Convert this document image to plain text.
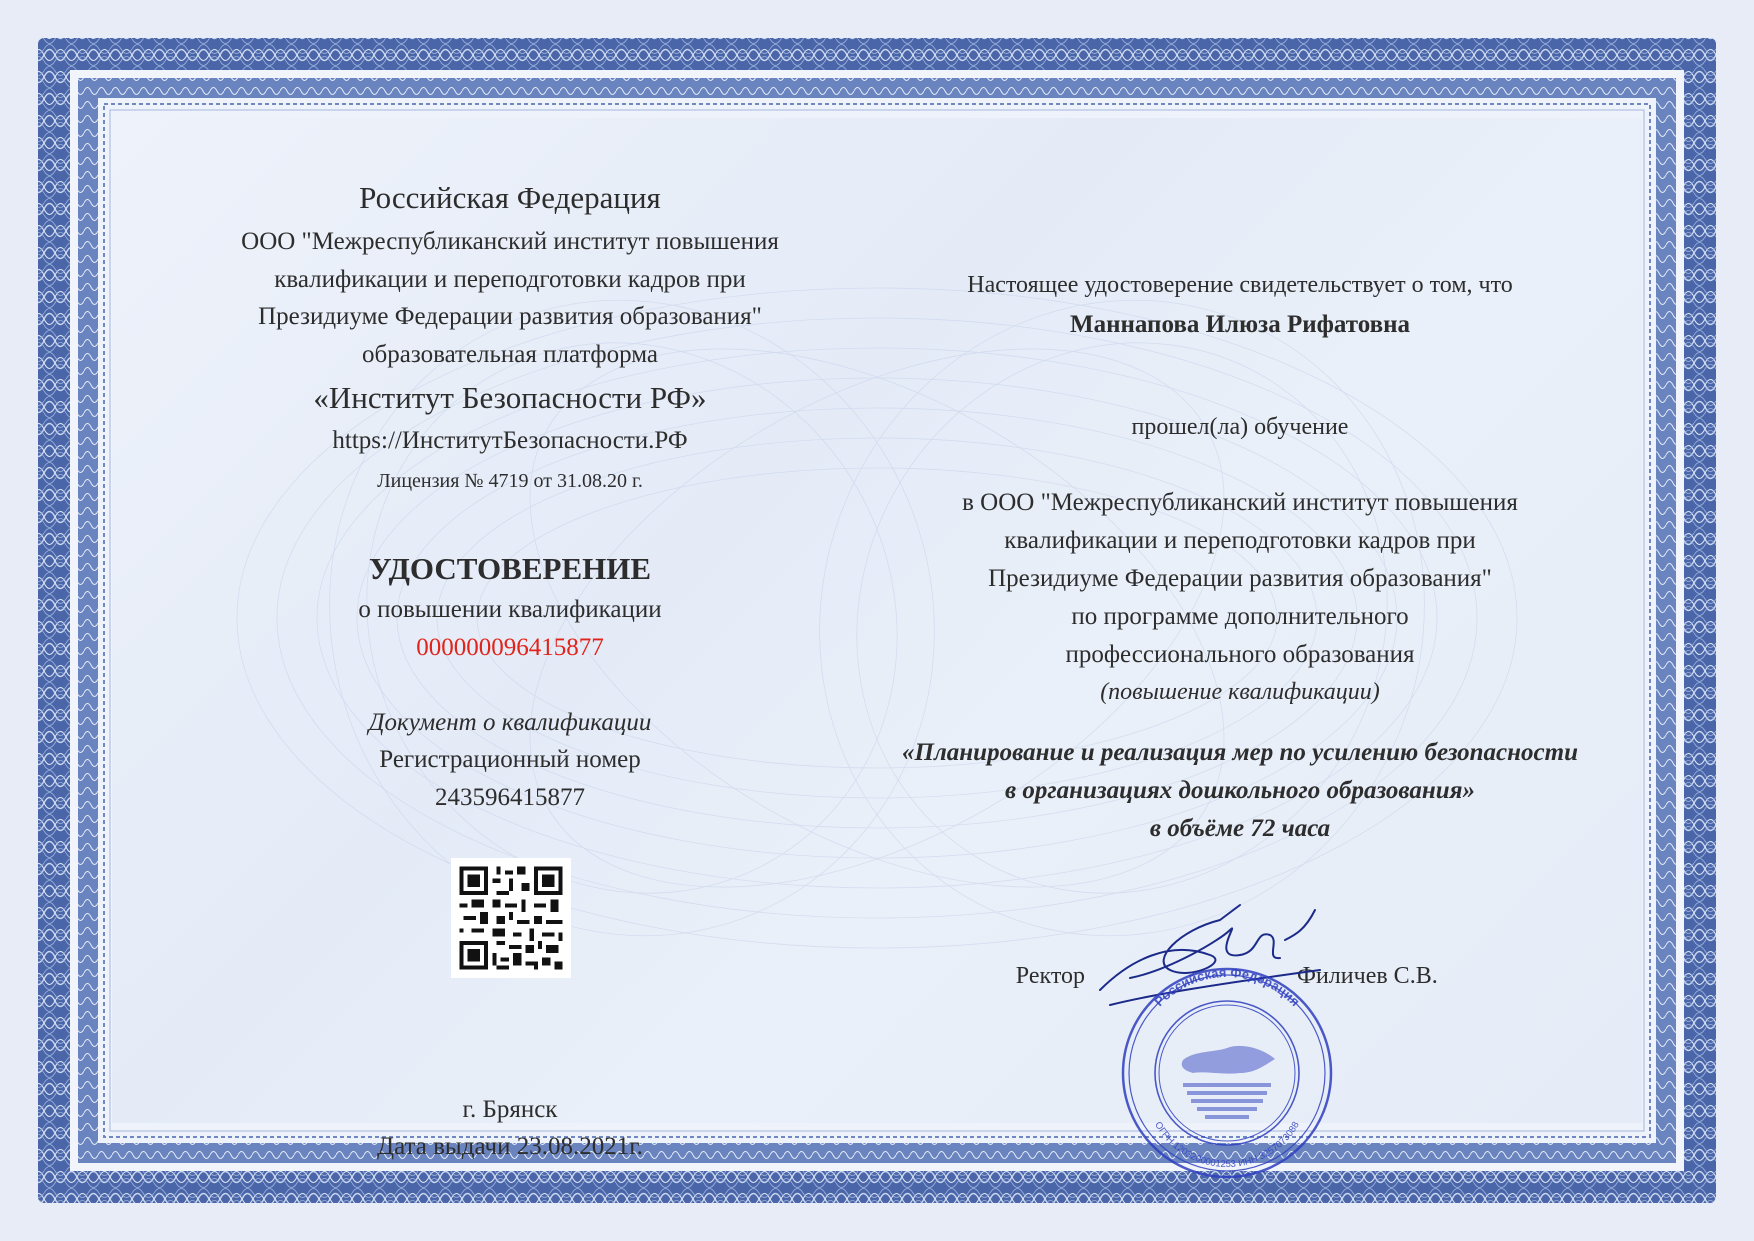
Российская Федерация
ООО "Межреспубликанский институт повышения
квалификации и переподготовки кадров при
Президиуме Федерации развития образования"
образовательная платформа
«Институт Безопасности РФ»
https://ИнститутБезопасности.РФ
Лицензия № 4719 от 31.08.20 г.
УДОСТОВЕРЕНИЕ
о повышении квалификации
000000096415877
Документ о квалификации
Регистрационный номер
243596415877
г. Брянск
Дата выдачи 23.08.2021г.
Настоящее удостоверение свидетельствует о том, что
Маннапова Илюза Рифатовна
прошел(ла) обучение
в ООО "Межреспубликанский институт повышения
квалификации и переподготовки кадров при
Президиуме Федерации развития образования"
по программе дополнительного
профессионального образования
(повышение квалификации)
«Планирование и реализация мер по усилению безопасности
в организациях дошкольного образования»
в объёме 72 часа
Ректор	Филичев С.В.
Российская Федерация
ОГРН 1203200001253 ИНН 3257073088
